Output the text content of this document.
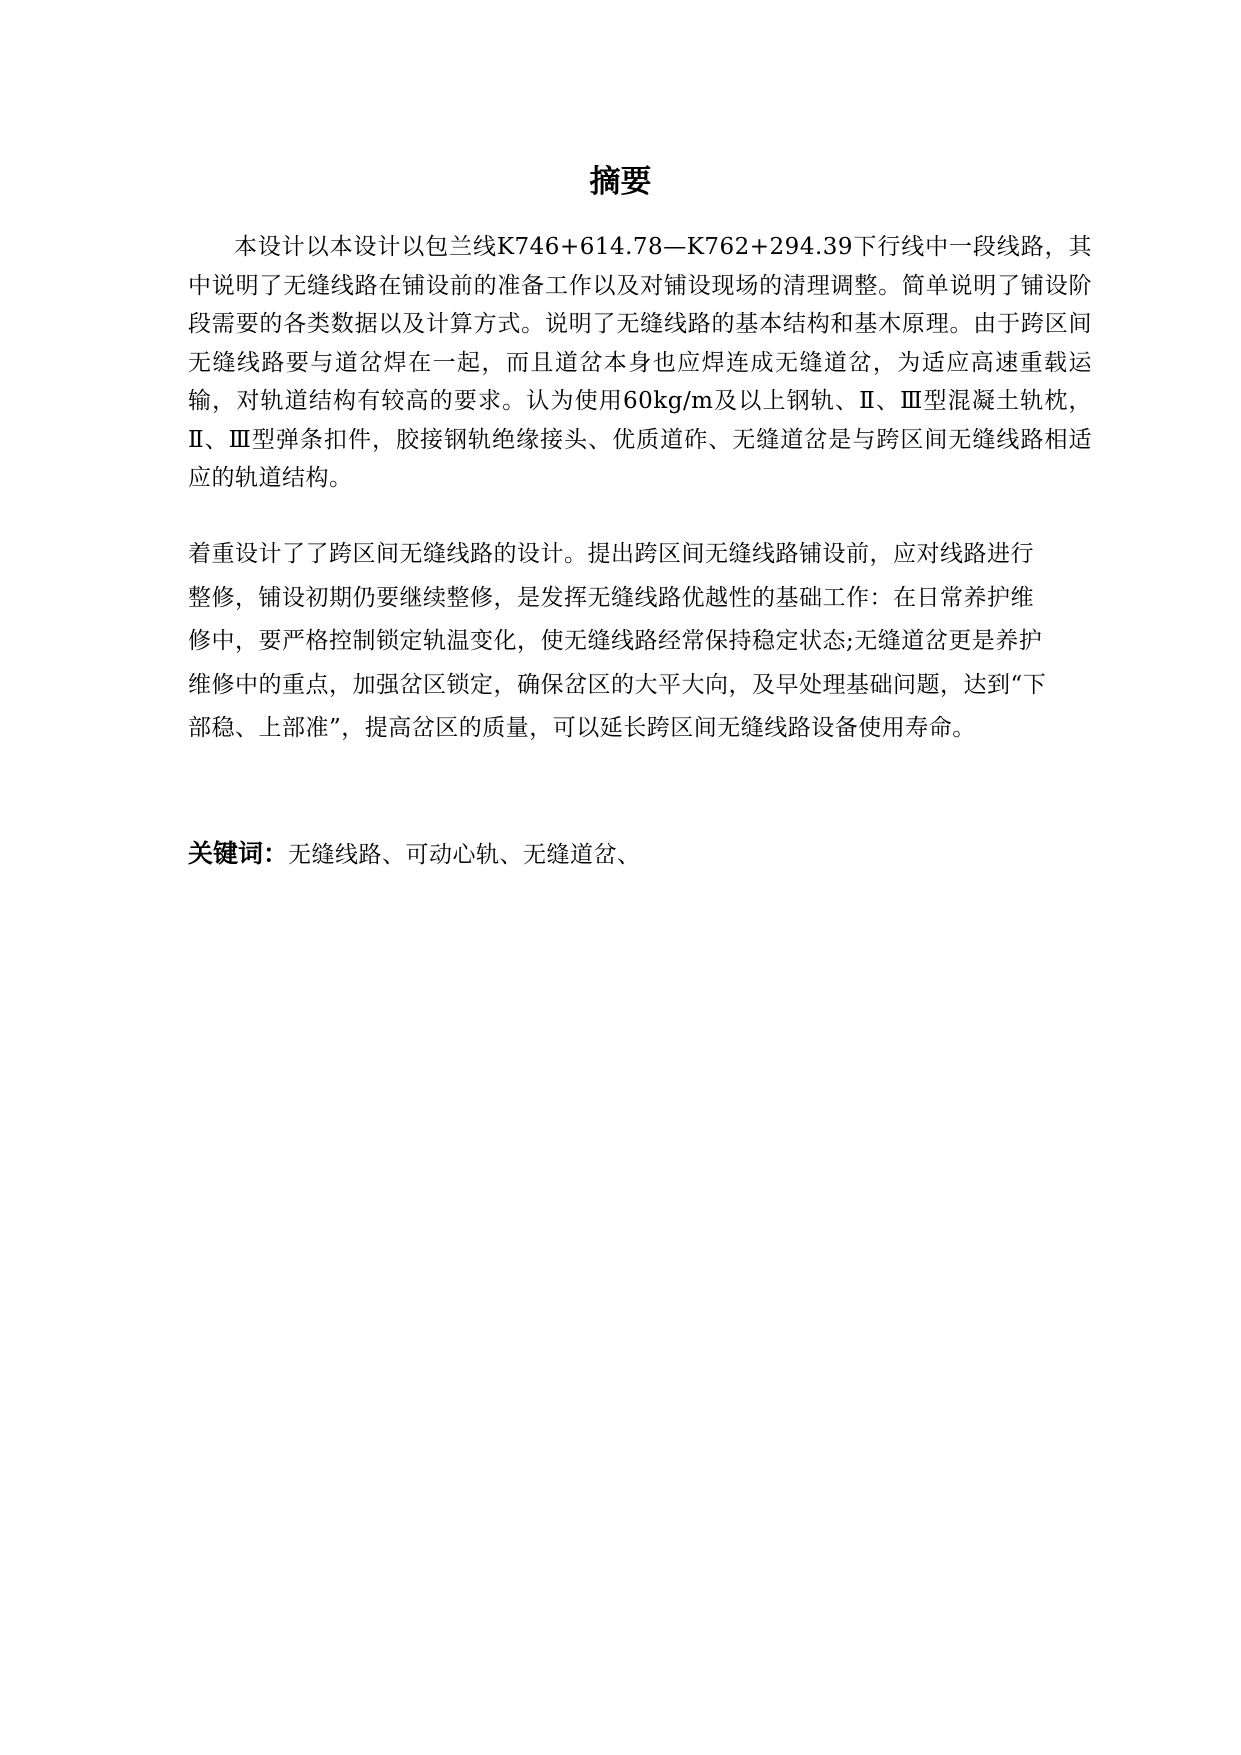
摘要

本设计以本设计以包兰线K746+614.78—K762+294.39下行线中一段线路，其中说明了无缝线路在铺设前的准备工作以及对铺设现场的清理调整。简单说明了铺设阶段需要的各类数据以及计算方式。说明了无缝线路的基本结构和基木原理。由于跨区间无缝线路要与道岔焊在一起，而且道岔本身也应焊连成无缝道岔，为适应高速重载运输，对轨道结构有较高的要求。认为使用60kg/m及以上钢轨、Ⅱ、Ⅲ型混凝土轨枕，Ⅱ、Ⅲ型弹条扣件，胶接钢轨绝缘接头、优质道砟、无缝道岔是与跨区间无缝线路相适应的轨道结构。

着重设计了了跨区间无缝线路的设计。提出跨区间无缝线路铺设前，应对线路进行
整修，铺设初期仍要继续整修，是发挥无缝线路优越性的基础工作：在日常养护维
修中，要严格控制锁定轨温变化，使无缝线路经常保持稳定状态;无缝道岔更是养护
维修中的重点，加强岔区锁定，确保岔区的大平大向，及早处理基础问题，达到“下
部稳、上部准”，提高岔区的质量，可以延长跨区间无缝线路设备使用寿命。

关键词：无缝线路、可动心轨、无缝道岔、
